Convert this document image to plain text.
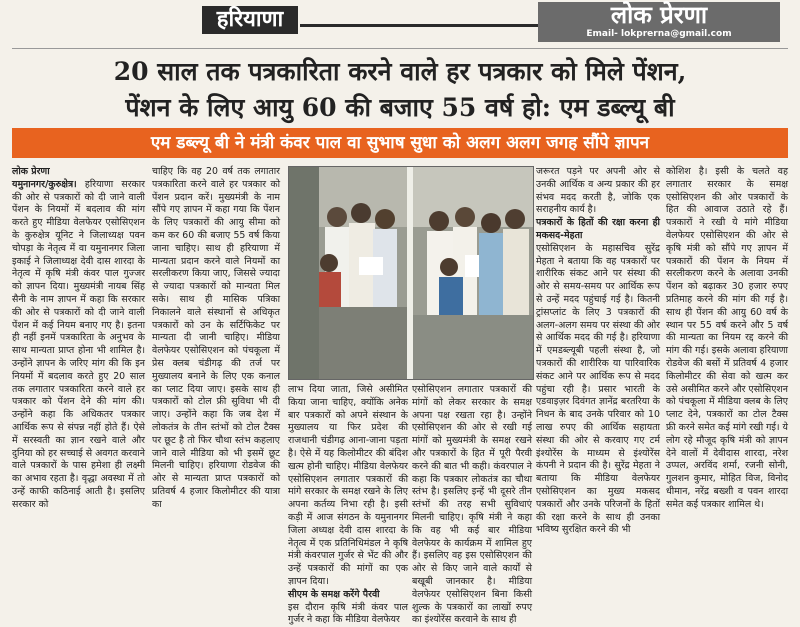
हरियाणा	लोक प्रेरणा
Email- lokprerna@gmail.com
20 साल तक पत्रकारिता करने वाले हर पत्रकार को मिले पेंशन,
पेंशन के लिए आयु 60 की बजाए 55 वर्ष हो: एम डब्ल्यू बी
एम डब्ल्यू बी ने मंत्री कंवर पाल वा सुभाष सुधा को अलग अलग जगह सौंपे ज्ञापन
लोक प्रेरणा
यमुनानगर/कुरुक्षेत्र। हरियाणा सरकार की ओर से पत्रकारों को दी जाने वाली पेंशन के नियमों में बदलाव की मांग करते हुए मीडिया वेलफेयर एसोसिएशन के कुरुक्षेत्र यूनिट ने जिलाध्यक्ष पवन चोपड़ा के नेतृत्व में वा यमुनानगर जिला इकाई ने जिलाध्यक्ष देवी दास शारदा के नेतृत्व में कृषि मंत्री कंवर पाल गुज्जर को ज्ञापन दिया। मुख्यमंत्री नायब सिंह सैनी के नाम ज्ञापन में कहा कि सरकार की ओर से पत्रकारों को दी जाने वाली पेंशन में कई नियम बनाए गए है। इतना ही नहीं इनमें पत्रकारिता के अनुभव के साथ मान्यता प्राप्त होना भी शामिल है। उन्होंने ज्ञापन के जरिए मांग की कि इन नियमों में बदलाव करते हुए 20 साल तक लगातार पत्रकारिता करने वाले हर पत्रकार को पेंशन देने की मांग की। उन्होंने कहा कि अधिकतर पत्रकार आर्थिक रूप से संपन्न नहीं होते हैं। ऐसे में सरस्वती का ज्ञान रखने वाले और दुनिया को हर सच्चाई से अवगत करवाने वाले पत्रकारों के पास हमेशा ही लक्ष्मी का अभाव रहता है। वृद्धा अवस्था में तो उन्हें काफी कठिनाई आती है। इसलिए सरकार को

चाहिए कि वह 20 वर्ष तक लगातार पत्रकारिता करने वाले हर पत्रकार को पेंशन प्रदान करें। मुख्यमंत्री के नाम सौंपे गए ज्ञापन में कहा गया कि पेंशन के लिए पत्रकारों की आयु सीमा को कम कर 60 की बजाए 55 वर्ष किया जाना चाहिए। साथ ही हरियाणा में मान्यता प्रदान करने वाले नियमों का सरलीकरण किया जाए, जिससे ज्यादा से ज्यादा पत्रकारों को मान्यता मिल सके। साथ ही मासिक पत्रिका निकालने वाले संस्थानों से अधिकृत पत्रकारों को उन के सर्टिफिकेट पर मान्यता दी जानी चाहिए। मीडिया वेलफेयर एसोसिएशन को पंचकूला में प्रेस क्लब चंडीगढ़ की तर्ज पर मुख्यालय बनाने के लिए एक कनाल का प्लाट दिया जाए। इसके साथ ही पत्रकारों को टोल फ्री सुविधा भी दी जाए। उन्होंने कहा कि जब देश में लोकतंत्र के तीन स्तंभों को टोल टैक्स पर छूट है तो फिर चौथा स्तंभ कहलाए जाने वाले मीडिया को भी इसमें छूट मिलनी चाहिए। हरियाणा रोडवेज की ओर से मान्यता प्राप्त पत्रकारों को प्रतिवर्ष 4 हजार किलोमीटर की यात्रा का

लाभ दिया जाता, जिसे असीमित किया जाना चाहिए, क्योंकि अनेक बार पत्रकारों को अपने संस्थान के मुख्यालय या फिर प्रदेश की राजधानी चंडीगढ़ आना-जाना पड़ता है। ऐसे में यह किलोमीटर की बंदिश खत्म होनी चाहिए। मीडिया वेलफेयर एसोसिएशन लगातार पत्रकारों की मांगे सरकार के समक्ष रखने के लिए अपना कर्तव्य निभा रही है। इसी कड़ी में आज संगठन के यमुनानगर जिला अध्यक्ष देवी दास शारदा के नेतृत्व में एक प्रतिनिधिमंडल ने कृषि मंत्री कंवरपाल गुर्जर से भेंट की और उन्हें पत्रकारों की मांगों का एक ज्ञापन दिया।

सीएम के समक्ष करेंगे पैरवी

इस दौरान कृषि मंत्री कंवर पाल गुर्जर ने कहा कि मीडिया वेलफेयर

एसोसिएशन लगातार पत्रकारों की मांगों को लेकर सरकार के समक्ष अपना पक्ष रखता रहा है। उन्होंने एसोसिएशन की ओर से रखी गई मांगों को मुख्यमंत्री के समक्ष रखने और पत्रकारों के हित में पूरी पैरवी करने की बात भी कही। कंवरपाल ने कहा कि पत्रकार लोकतंत्र का चौथा स्तंभ है। इसलिए इन्हें भी दूसरे तीन स्तंभों की तरह सभी सुविधाएं मिलनी चाहिए। कृषि मंत्री ने कहा कि वह भी कई बार मीडिया वेलफेयर के कार्यक्रम में शामिल हुए हैं। इसलिए वह इस एसोसिएशन की ओर से किए जाने वाले कार्यों से बखूबी जानकार है। मीडिया वेलफेयर एसोसिएशन बिना किसी शुल्क के पत्रकारों का लाखों रुपए का इंश्योरेंस करवाने के साथ ही

जरूरत पड़ने पर अपनी ओर से उनकी आर्थिक व अन्य प्रकार की हर संभव मदद करती है, जोकि एक सराहनीय कार्य है।

पत्रकारों के हितों की रक्षा करना ही मकसद-मेहता

एसोसिएशन के महासचिव सुरेंद्र मेहता ने बताया कि वह पत्रकारों पर शारीरिक संकट आने पर संस्था की ओर से समय-समय पर आर्थिक रूप से उन्हें मदद पहुंचाई गई है। कितनी ट्रांसप्लांट के लिए 3 पत्रकारों की अलग-अलग समय पर संस्था की ओर से आर्थिक मदद की गई है। हरियाणा में एमडब्ल्यूबी पहली संस्था है, जो पत्रकारों की शारीरिक या पारिवारिक संकट आने पर आर्थिक रूप से मदद पहुंचा रही है। प्रसार भारती के एडवाइज़र दिवंगत ज्ञानेंद्र बरतरिया के निधन के बाद उनके परिवार को 10 लाख रुपए की आर्थिक सहायता संस्था की ओर से करवाए गए टर्म इंश्योरेंस के माध्यम से इंश्योरेंस कंपनी ने प्रदान की है। सुरेंद्र मेहता ने बताया कि मीडिया वेलफेयर एसोसिएशन का मुख्य मकसद पत्रकारों और उनके परिजनों के हितों की रक्षा करने के साथ ही उनका भविष्य सुरक्षित करने की भी

कोशिश है। इसी के चलते वह लगातार सरकार के समक्ष एसोसिएशन की ओर पत्रकारों के हित की आवाज उठाते रहे हैं। पत्रकारों ने रखी ये मांगे मीडिया वेलफेयर एसोसिएशन की ओर से कृषि मंत्री को सौंपे गए ज्ञापन में पत्रकारों की पेंशन के नियम में सरलीकरण करने के अलावा उनकी पेंशन को बढ़ाकर 30 हजार रुपए प्रतिमाह करने की मांग की गई है। साथ ही पेंशन की आयु 60 वर्ष के स्थान पर 55 वर्ष करने और 5 वर्ष की मान्यता का नियम रद्द करने की मांग की गई। इसके अलावा हरियाणा रोडवेज की बसों में प्रतिवर्ष 4 हजार किलोमीटर की सेवा को खत्म कर उसे असीमित करने और एसोसिएशन को पंचकूला में मीडिया क्लब के लिए प्लाट देने, पत्रकारों का टोल टैक्स फ्री करने समेत कई मांगे रखी गई। ये लोग रहे मौजूद कृषि मंत्री को ज्ञापन देने वालों में देवीदास शारदा, नरेश उप्पल, अरविंद शर्मा, रजनी सोनी, गुलशन कुमार, मोहित विज, विनोद धीमान, नरेंद्र बख्शी व पवन शारदा समेत कई पत्रकार शामिल थे।
